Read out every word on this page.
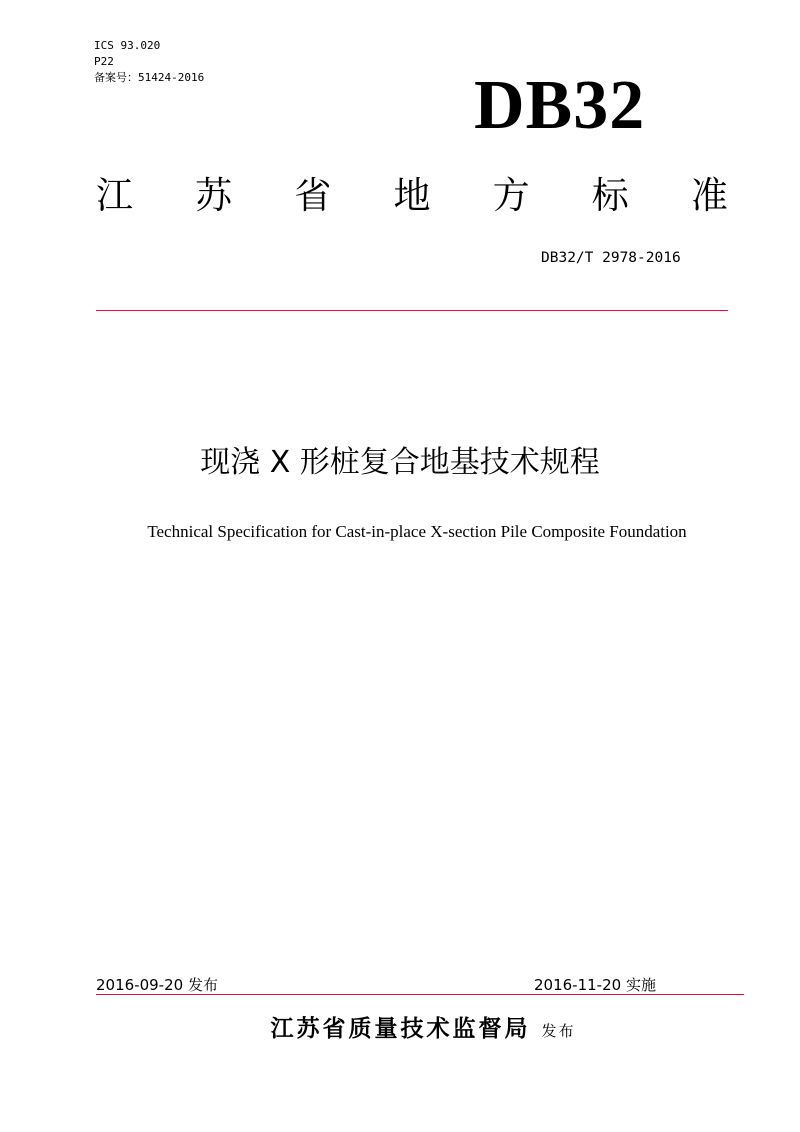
ICS 93.020
P22
备案号：51424-2016	DB32
江 苏 省 地 方 标 准
DB32/T 2978-2016
现浇 X 形桩复合地基技术规程
Technical Specification for Cast-in-place X-section Pile Composite Foundation
2016-09-20 发布	2016-11-20 实施
江苏省质量技术监督局 发布
